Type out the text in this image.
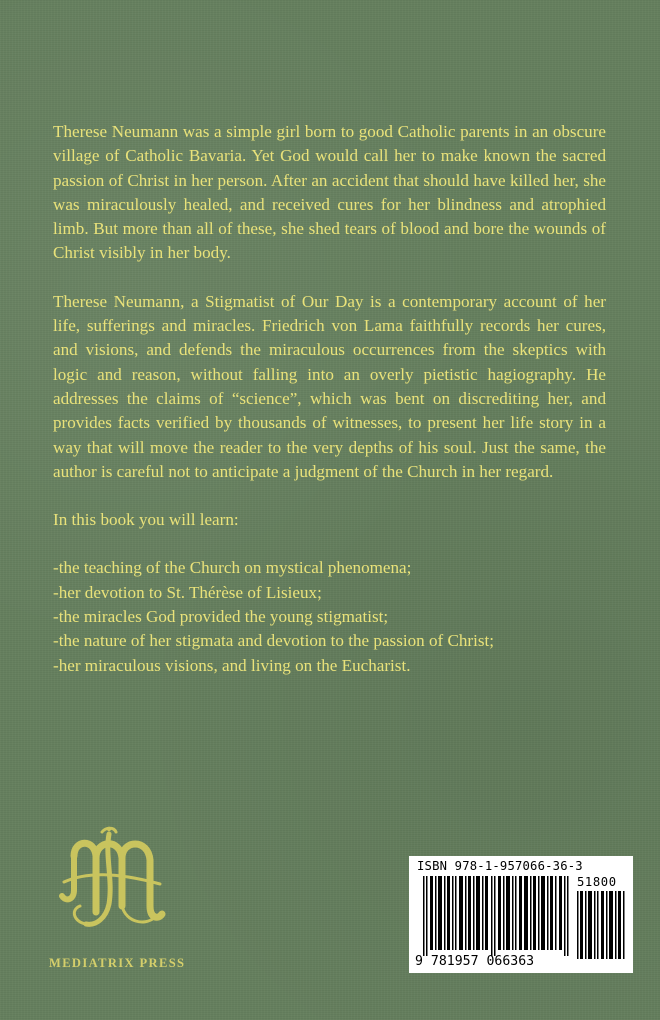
Therese Neumann was a simple girl born to good Catholic parents in an obscure village of Catholic Bavaria. Yet God would call her to make known the sacred passion of Christ in her person. After an accident that should have killed her, she was miraculously healed, and received cures for her blindness and atrophied limb. But more than all of these, she shed tears of blood and bore the wounds of Christ visibly in her body.

Therese Neumann, a Stigmatist of Our Day is a contemporary account of her life, sufferings and miracles. Friedrich von Lama faithfully records her cures, and visions, and defends the miraculous occurrences from the skeptics with logic and reason, without falling into an overly pietistic hagiography. He addresses the claims of “science”, which was bent on discrediting her, and provides facts verified by thousands of witnesses, to present her life story in a way that will move the reader to the very depths of his soul. Just the same, the author is careful not to anticipate a judgment of the Church in her regard.

In this book you will learn:

-the teaching of the Church on mystical phenomena;
-her devotion to St. Thérèse of Lisieux;
-the miracles God provided the young stigmatist;
-the nature of her stigmata and devotion to the passion of Christ;
-her miraculous visions, and living on the Eucharist.
MEDIATRIX PRESS
ISBN 978-1-957066-36-3
51800
9 781957 066363
